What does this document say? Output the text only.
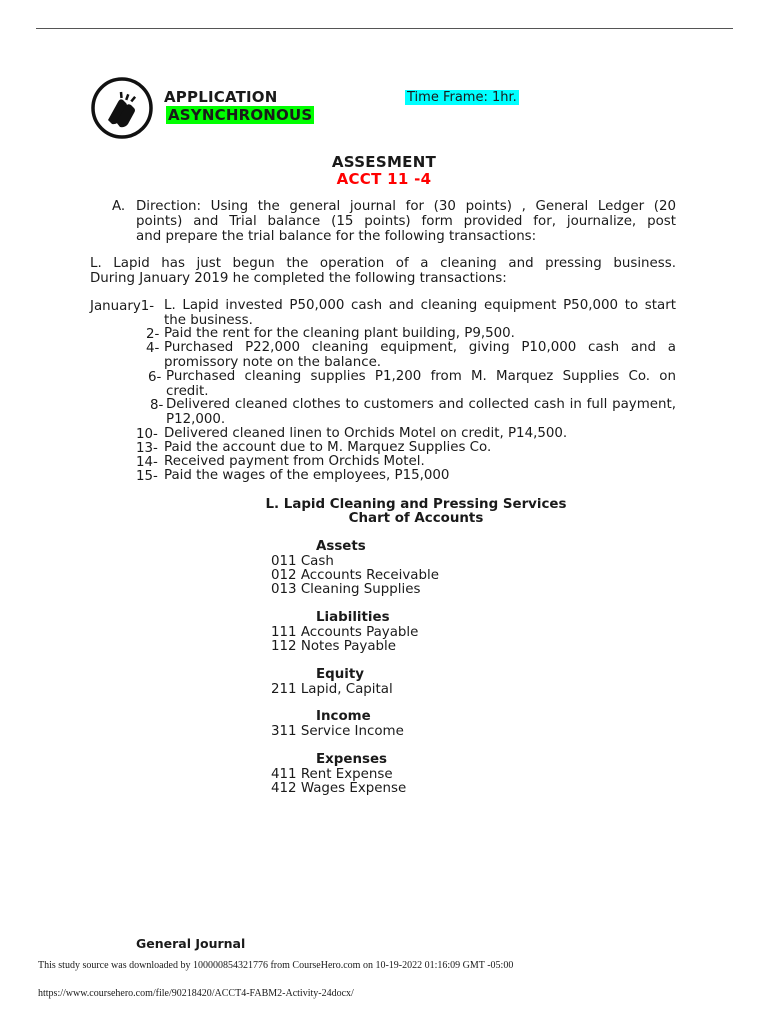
APPLICATION
ASYNCHRONOUS
Time Frame: 1hr.
ASSESMENT
ACCT 11 -4
A. Direction: Using the general journal for (30 points) , General Ledger (20
points) and Trial balance (15 points) form provided for, journalize, post
and prepare the trial balance for the following transactions:
L. Lapid has just begun the operation of a cleaning and pressing business.
During January 2019 he completed the following transactions:
January1- L. Lapid invested P50,000 cash and cleaning equipment P50,000 to start the business.
2- Paid the rent for the cleaning plant building, P9,500.
4- Purchased P22,000 cleaning equipment, giving P10,000 cash and a promissory note on the balance.
6- Purchased cleaning supplies P1,200 from M. Marquez Supplies Co. on credit.
8- Delivered cleaned clothes to customers and collected cash in full payment, P12,000.
10- Delivered cleaned linen to Orchids Motel on credit, P14,500.
13- Paid the account due to M. Marquez Supplies Co.
14- Received payment from Orchids Motel.
15- Paid the wages of the employees, P15,000
L. Lapid Cleaning and Pressing Services
Chart of Accounts
Assets
011 Cash
012 Accounts Receivable
013 Cleaning Supplies
Liabilities
111 Accounts Payable
112 Notes Payable
Equity
211 Lapid, Capital
Income
311 Service Income
Expenses
411 Rent Expense
412 Wages Expense
General Journal
This study source was downloaded by 100000854321776 from CourseHero.com on 10-19-2022 01:16:09 GMT -05:00
https://www.coursehero.com/file/90218420/ACCT4-FABM2-Activity-24docx/
